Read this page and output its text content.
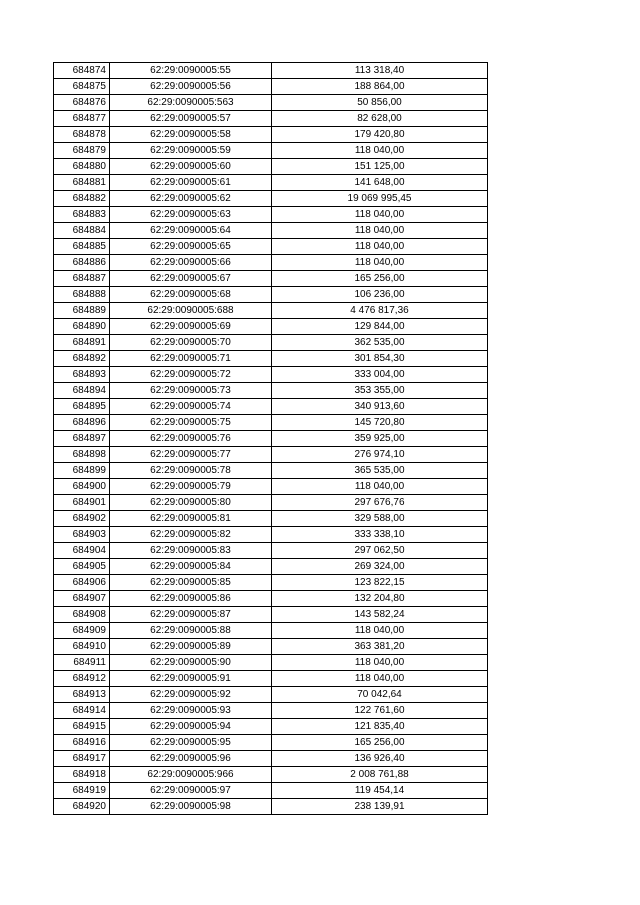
684874	62:29:0090005:55	113 318,40
684875	62:29:0090005:56	188 864,00
684876	62:29:0090005:563	50 856,00
684877	62:29:0090005:57	82 628,00
684878	62:29:0090005:58	179 420,80
684879	62:29:0090005:59	118 040,00
684880	62:29:0090005:60	151 125,00
684881	62:29:0090005:61	141 648,00
684882	62:29:0090005:62	19 069 995,45
684883	62:29:0090005:63	118 040,00
684884	62:29:0090005:64	118 040,00
684885	62:29:0090005:65	118 040,00
684886	62:29:0090005:66	118 040,00
684887	62:29:0090005:67	165 256,00
684888	62:29:0090005:68	106 236,00
684889	62:29:0090005:688	4 476 817,36
684890	62:29:0090005:69	129 844,00
684891	62:29:0090005:70	362 535,00
684892	62:29:0090005:71	301 854,30
684893	62:29:0090005:72	333 004,00
684894	62:29:0090005:73	353 355,00
684895	62:29:0090005:74	340 913,60
684896	62:29:0090005:75	145 720,80
684897	62:29:0090005:76	359 925,00
684898	62:29:0090005:77	276 974,10
684899	62:29:0090005:78	365 535,00
684900	62:29:0090005:79	118 040,00
684901	62:29:0090005:80	297 676,76
684902	62:29:0090005:81	329 588,00
684903	62:29:0090005:82	333 338,10
684904	62:29:0090005:83	297 062,50
684905	62:29:0090005:84	269 324,00
684906	62:29:0090005:85	123 822,15
684907	62:29:0090005:86	132 204,80
684908	62:29:0090005:87	143 582,24
684909	62:29:0090005:88	118 040,00
684910	62:29:0090005:89	363 381,20
684911	62:29:0090005:90	118 040,00
684912	62:29:0090005:91	118 040,00
684913	62:29:0090005:92	70 042,64
684914	62:29:0090005:93	122 761,60
684915	62:29:0090005:94	121 835,40
684916	62:29:0090005:95	165 256,00
684917	62:29:0090005:96	136 926,40
684918	62:29:0090005:966	2 008 761,88
684919	62:29:0090005:97	119 454,14
684920	62:29:0090005:98	238 139,91
